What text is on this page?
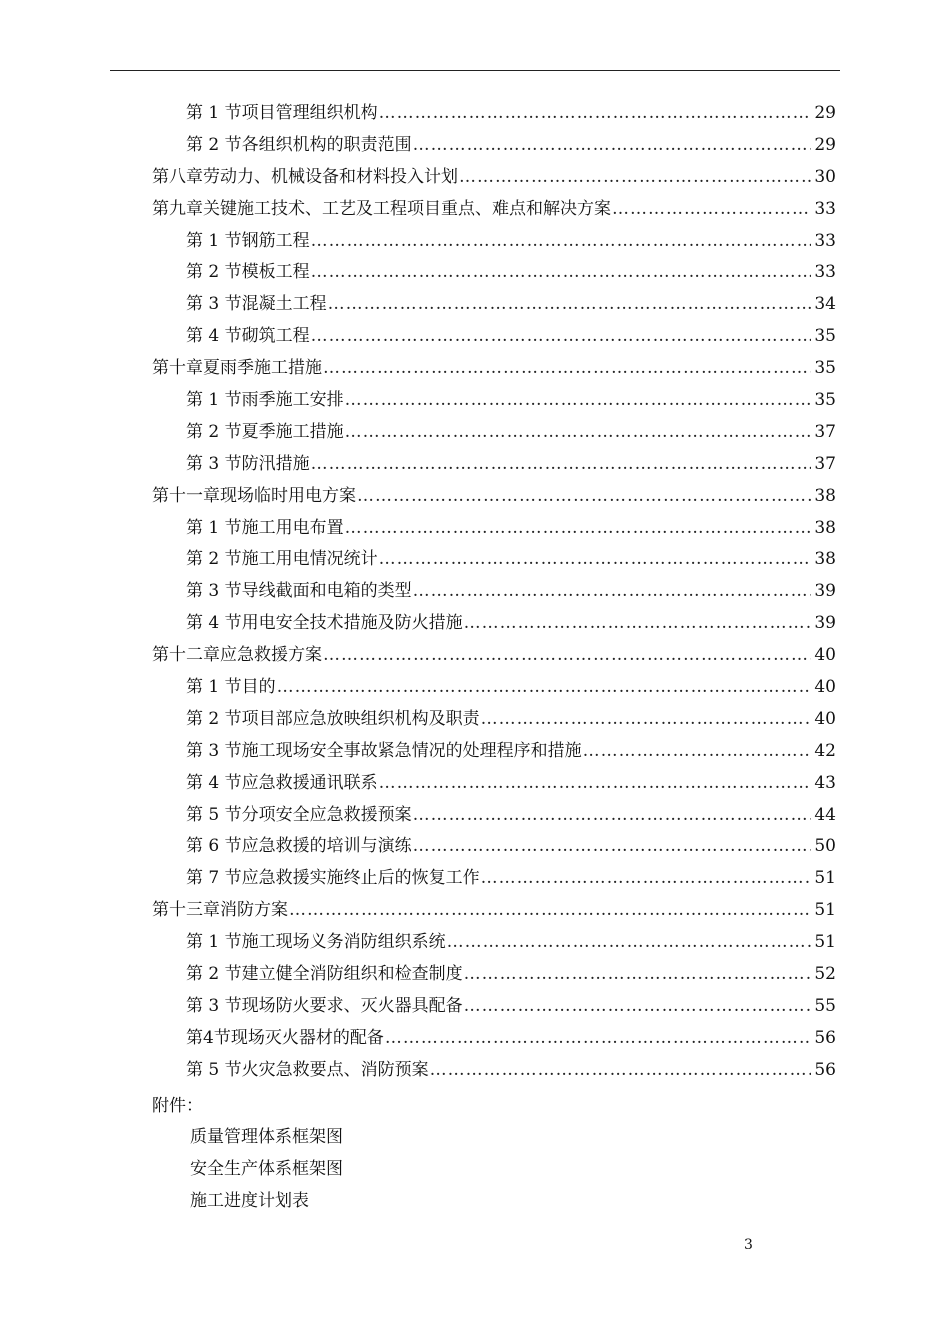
第 1 节 项目管理组织机构 …………………………………………………………………………………………………………………………………………………………………………………………	29
第 2 节 各组织机构的职责范围 …………………………………………………………………………………………………………………………………………………………………………………………	29
第八章 劳动力、机械设备和材料投入计划 …………………………………………………………………………………………………………………………………………………………………………………………	30
第九章 关键施工技术、工艺及工程项目重点、难点和解决方案 …………………………………………………………………………………………………………………………………………………………………………………………	33
第 1 节 钢筋工程 …………………………………………………………………………………………………………………………………………………………………………………………	33
第 2 节 模板工程 …………………………………………………………………………………………………………………………………………………………………………………………	33
第 3 节 混凝土工程 …………………………………………………………………………………………………………………………………………………………………………………………	34
第 4 节 砌筑工程 …………………………………………………………………………………………………………………………………………………………………………………………	35
第十章 夏雨季施工措施 …………………………………………………………………………………………………………………………………………………………………………………………	35
第 1 节 雨季施工安排 …………………………………………………………………………………………………………………………………………………………………………………………	35
第 2 节 夏季施工措施 …………………………………………………………………………………………………………………………………………………………………………………………	37
第 3 节 防汛措施 …………………………………………………………………………………………………………………………………………………………………………………………	37
第十一章 现场临时用电方案 …………………………………………………………………………………………………………………………………………………………………………………………	38
第 1 节 施工用电布置 …………………………………………………………………………………………………………………………………………………………………………………………	38
第 2 节 施工用电情况统计 …………………………………………………………………………………………………………………………………………………………………………………………	38
第 3 节 导线截面和电箱的类型 …………………………………………………………………………………………………………………………………………………………………………………………	39
第 4 节 用电安全技术措施及防火措施 …………………………………………………………………………………………………………………………………………………………………………………………	39
第十二章 应急救援方案 …………………………………………………………………………………………………………………………………………………………………………………………	40
第 1 节 目的 …………………………………………………………………………………………………………………………………………………………………………………………	40
第 2 节 项目部应急放映组织机构及职责 …………………………………………………………………………………………………………………………………………………………………………………………	40
第 3 节 施工现场安全事故紧急情况的处理程序和措施 …………………………………………………………………………………………………………………………………………………………………………………………	42
第 4 节 应急救援通讯联系 …………………………………………………………………………………………………………………………………………………………………………………………	43
第 5 节 分项安全应急救援预案 …………………………………………………………………………………………………………………………………………………………………………………………	44
第 6 节 应急救援的培训与演练 …………………………………………………………………………………………………………………………………………………………………………………………	50
第 7 节 应急救援实施终止后的恢复工作 …………………………………………………………………………………………………………………………………………………………………………………………	51
第十三章 消防方案 …………………………………………………………………………………………………………………………………………………………………………………………	51
第 1 节 施工现场义务消防组织系统 …………………………………………………………………………………………………………………………………………………………………………………………	51
第 2 节 建立健全消防组织和检查制度 …………………………………………………………………………………………………………………………………………………………………………………………	52
第 3 节 现场防火要求、灭火器具配备 …………………………………………………………………………………………………………………………………………………………………………………………	55
第4节 现场灭火器材的配备 …………………………………………………………………………………………………………………………………………………………………………………………	56
第 5 节 火灾急救要点、消防预案 …………………………………………………………………………………………………………………………………………………………………………………………	56
附件：
质量管理体系框架图
安全生产体系框架图
施工进度计划表
3
